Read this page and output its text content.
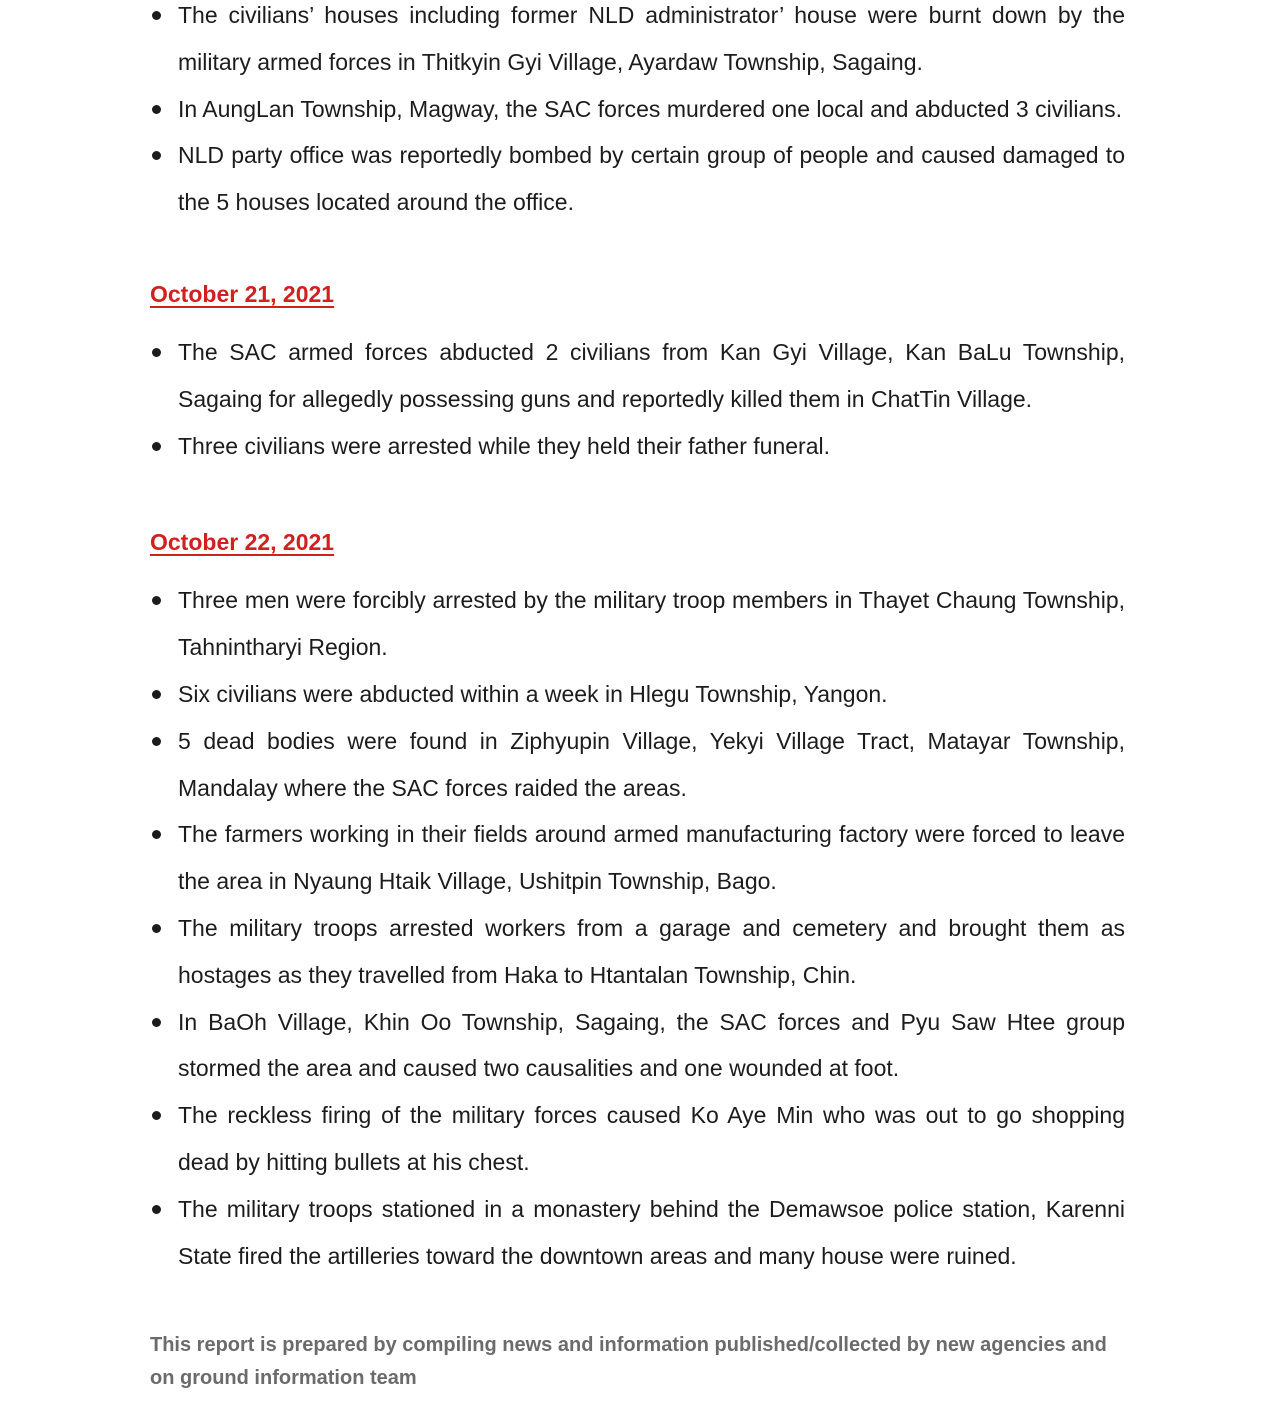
The civilians’ houses including former NLD administrator’ house were burnt down by the military armed forces in Thitkyin Gyi Village, Ayardaw Township, Sagaing.
In AungLan Township, Magway, the SAC forces murdered one local and abducted 3 civilians.
NLD party office was reportedly bombed by certain group of people and caused damaged to the 5 houses located around the office.
October 21, 2021
The SAC armed forces abducted 2 civilians from Kan Gyi Village, Kan BaLu Township, Sagaing for allegedly possessing guns and reportedly killed them in ChatTin Village.
Three civilians were arrested while they held their father funeral.
October 22, 2021
Three men were forcibly arrested by the military troop members in Thayet Chaung Township, Tahnintharyi Region.
Six civilians were abducted within a week in Hlegu Township, Yangon.
5 dead bodies were found in Ziphyupin Village, Yekyi Village Tract, Matayar Township, Mandalay where the SAC forces raided the areas.
The farmers working in their fields around armed manufacturing factory were forced to leave the area in Nyaung Htaik Village, Ushitpin Township, Bago.
The military troops arrested workers from a garage and cemetery and brought them as hostages as they travelled from Haka to Htantalan Township, Chin.
In BaOh Village, Khin Oo Township, Sagaing, the SAC forces and Pyu Saw Htee group stormed the area and caused two causalities and one wounded at foot.
The reckless firing of the military forces caused Ko Aye Min who was out to go shopping dead by hitting bullets at his chest.
The military troops stationed in a monastery behind the Demawsoe police station, Karenni State fired the artilleries toward the downtown areas and many house were ruined.

This report is prepared by compiling news and information published/collected by new agencies and on ground information team
